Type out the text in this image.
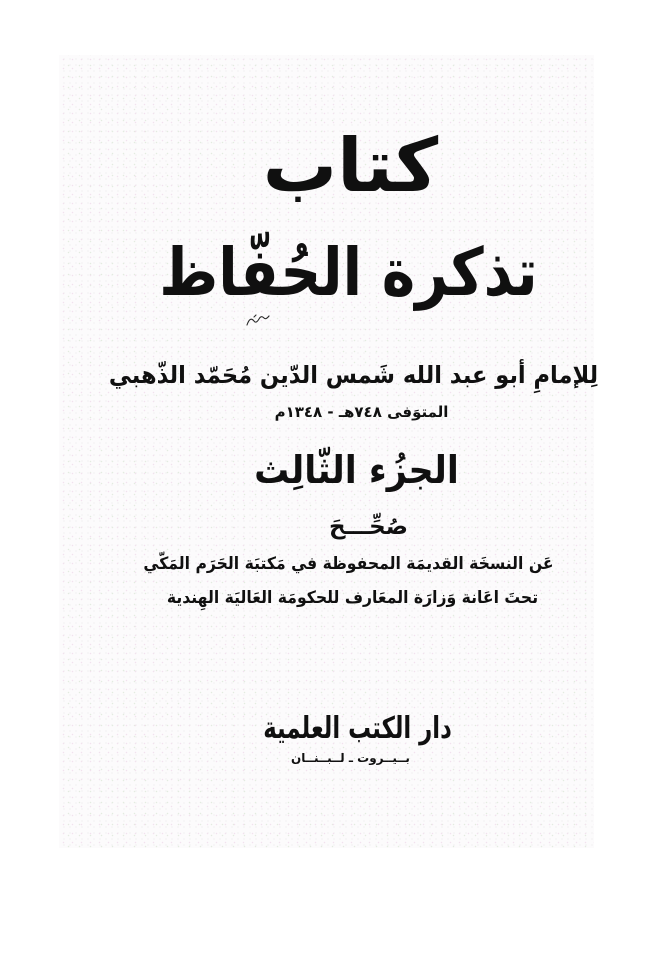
كتاب
تذكرة الحُفّاظ
لِلإمامِ أبو عبد الله شَمس الدّين مُحَمّد الذّهبي
المتوَفى ٧٤٨هـ - ١٣٤٨م
الجزُء الثّالِث
صُحِّـــحَ
عَن النسخَة القديمَة المحفوظة في مَكتبَة الحَرَم المَكّي
تحتَ اعَانة وَزارَة المعَارف للحكومَة العَاليَة الهِندية
دار الكتب العلمية
بــيــروت ـ لــبــنــان
